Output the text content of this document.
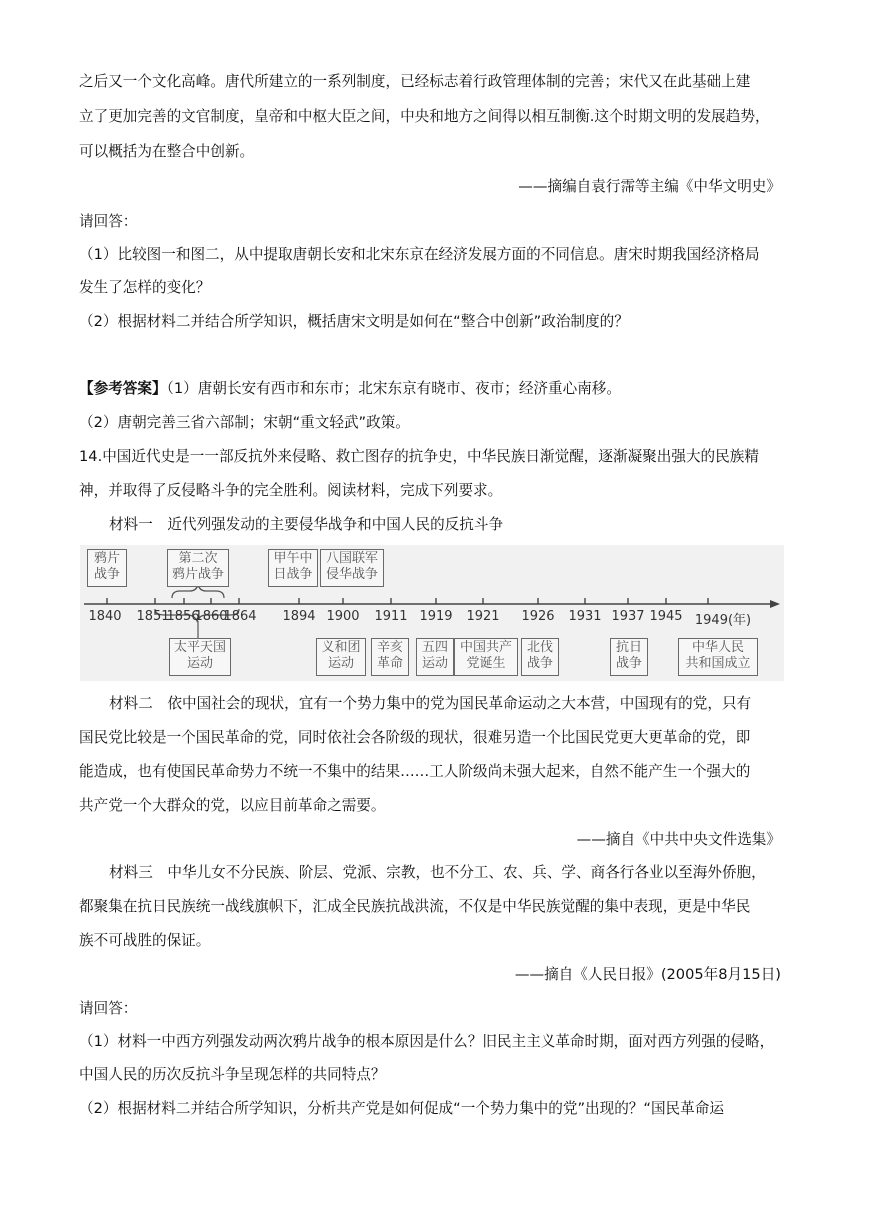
之后又一个文化高峰。唐代所建立的一系列制度，已经标志着行政管理体制的完善；宋代又在此基础上建
立了更加完善的文官制度，皇帝和中枢大臣之间，中央和地方之间得以相互制衡.这个时期文明的发展趋势，
可以概括为在整合中创新。
——摘编自袁行霈等主编《中华文明史》
请回答：
（1）比较图一和图二，从中提取唐朝长安和北宋东京在经济发展方面的不同信息。唐宋时期我国经济格局
发生了怎样的变化？
（2）根据材料二并结合所学知识，概括唐宋文明是如何在“整合中创新”政治制度的？
【参考答案】（1）唐朝长安有西市和东市；北宋东京有晓市、夜市；经济重心南移。
（2）唐朝完善三省六部制；宋朝“重文轻武”政策。
14.中国近代史是一一部反抗外来侵略、救亡图存的抗争史，中华民族日渐觉醒，逐渐凝聚出强大的民族精
神，并取得了反侵略斗争的完全胜利。阅读材料，完成下列要求。
材料一　近代列强发动的主要侵华战争和中国人民的反抗斗争
1840 1851
1856
1860
1864 1894 1900 1911 1919 1921 1926 1931 1937 1945 1949(年)
鸦片
战争
第二次
鸦片战争
甲午中
日战争
八国联军
侵华战争
太平天国
运动
义和团
运动
辛亥
革命
五四
运动
中国共产
党诞生
北伐
战争
抗日
战争
中华人民
共和国成立
材料二　依中国社会的现状，宜有一个势力集中的党为国民革命运动之大本营，中国现有的党，只有
国民党比较是一个国民革命的党，同时依社会各阶级的现状，很难另造一个比国民党更大更革命的党，即
能造成，也有使国民革命势力不统一不集中的结果……工人阶级尚未强大起来，自然不能产生一个强大的
共产党一个大群众的党，以应目前革命之需要。
——摘自《中共中央文件选集》
材料三　中华儿女不分民族、阶层、党派、宗教，也不分工、农、兵、学、商各行各业以至海外侨胞，
都聚集在抗日民族统一战线旗帜下，汇成全民族抗战洪流，不仅是中华民族觉醒的集中表现，更是中华民
族不可战胜的保证。
——摘自《人民日报》(2005年8月15日)
请回答：
（1）材料一中西方列强发动两次鸦片战争的根本原因是什么？旧民主主义革命时期，面对西方列强的侵略，
中国人民的历次反抗斗争呈现怎样的共同特点？
（2）根据材料二并结合所学知识，分析共产党是如何促成“一个势力集中的党”出现的？“国民革命运
